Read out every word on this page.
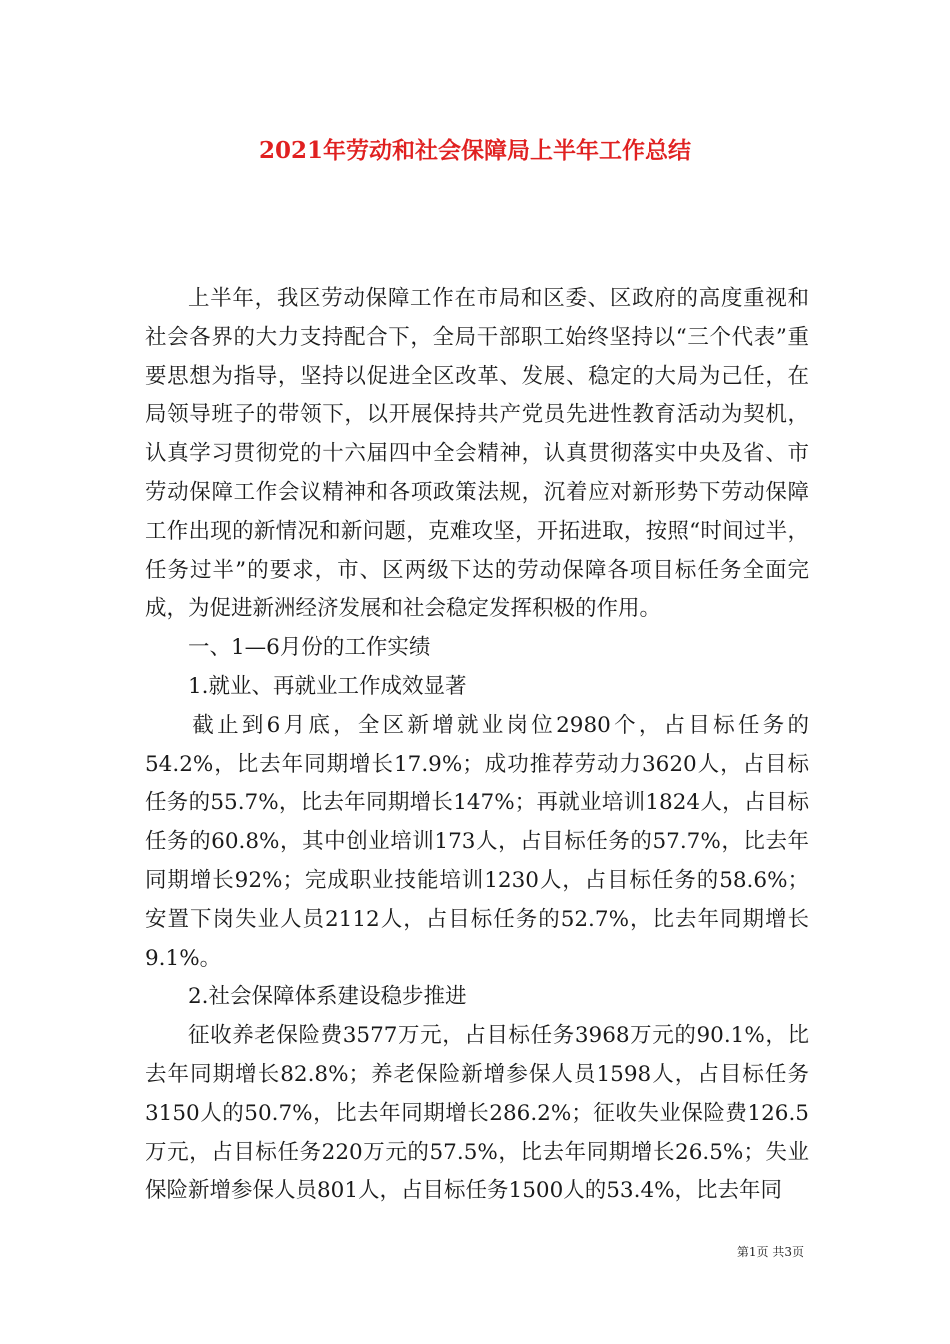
2021年劳动和社会保障局上半年工作总结

上半年，我区劳动保障工作在市局和区委、区政府的高度重视和社会各界的大力支持配合下，全局干部职工始终坚持以“三个代表”重要思想为指导，坚持以促进全区改革、发展、稳定的大局为己任，在局领导班子的带领下，以开展保持共产党员先进性教育活动为契机，认真学习贯彻党的十六届四中全会精神，认真贯彻落实中央及省、市劳动保障工作会议精神和各项政策法规，沉着应对新形势下劳动保障工作出现的新情况和新问题，克难攻坚，开拓进取，按照“时间过半，任务过半”的要求，市、区两级下达的劳动保障各项目标任务全面完成，为促进新洲经济发展和社会稳定发挥积极的作用。

一、1—6月份的工作实绩

1.就业、再就业工作成效显著

截止到6月底，全区新增就业岗位2980个，占目标任务的54.2%，比去年同期增长17.9%；成功推荐劳动力3620人，占目标任务的55.7%，比去年同期增长147%；再就业培训1824人，占目标任务的60.8%，其中创业培训173人，占目标任务的57.7%，比去年同期增长92%；完成职业技能培训1230人，占目标任务的58.6%；安置下岗失业人员2112人，占目标任务的52.7%，比去年同期增长9.1%。

2.社会保障体系建设稳步推进

征收养老保险费3577万元，占目标任务3968万元的90.1%，比去年同期增长82.8%；养老保险新增参保人员1598人，占目标任务3150人的50.7%，比去年同期增长286.2%；征收失业保险费126.5万元，占目标任务220万元的57.5%，比去年同期增长26.5%；失业保险新增参保人员801人，占目标任务1500人的53.4%，比去年同

第1页 共3页
